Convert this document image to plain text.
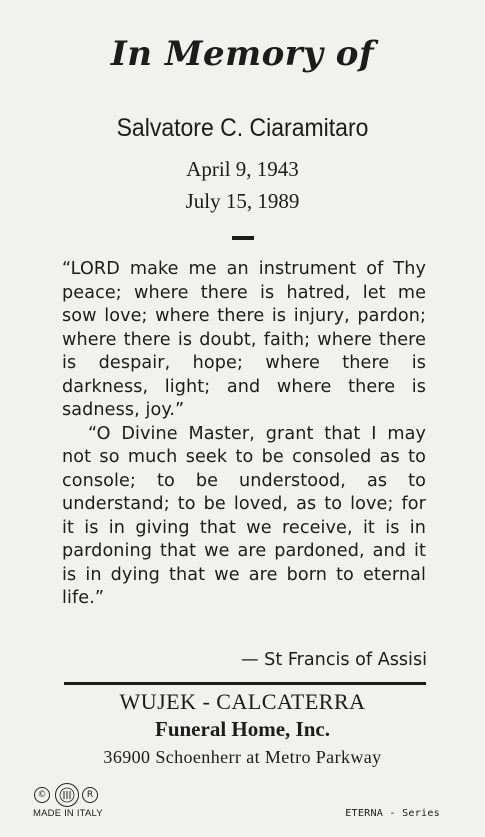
In Memory of
Salvatore C. Ciaramitaro
April 9, 1943
July 15, 1989

“LORD make me an instrument of Thy peace; where there is hatred, let me sow love; where there is injury, pardon; where there is doubt, faith; where there is despair, hope; where there is darkness, light; and where there is sadness, joy.”

“O Divine Master, grant that I may not so much seek to be consoled as to console; to be understood, as to understand; to be loved, as to love; for it is in giving that we receive, it is in pardoning that we are pardoned, and it is in dying that we are born to eternal life.”

— St Francis of Assisi
WUJEK - CALCATERRA
Funeral Home, Inc.
36900 Schoenherr at Metro Parkway
©	R
MADE IN ITALY	ETERNA - Series
